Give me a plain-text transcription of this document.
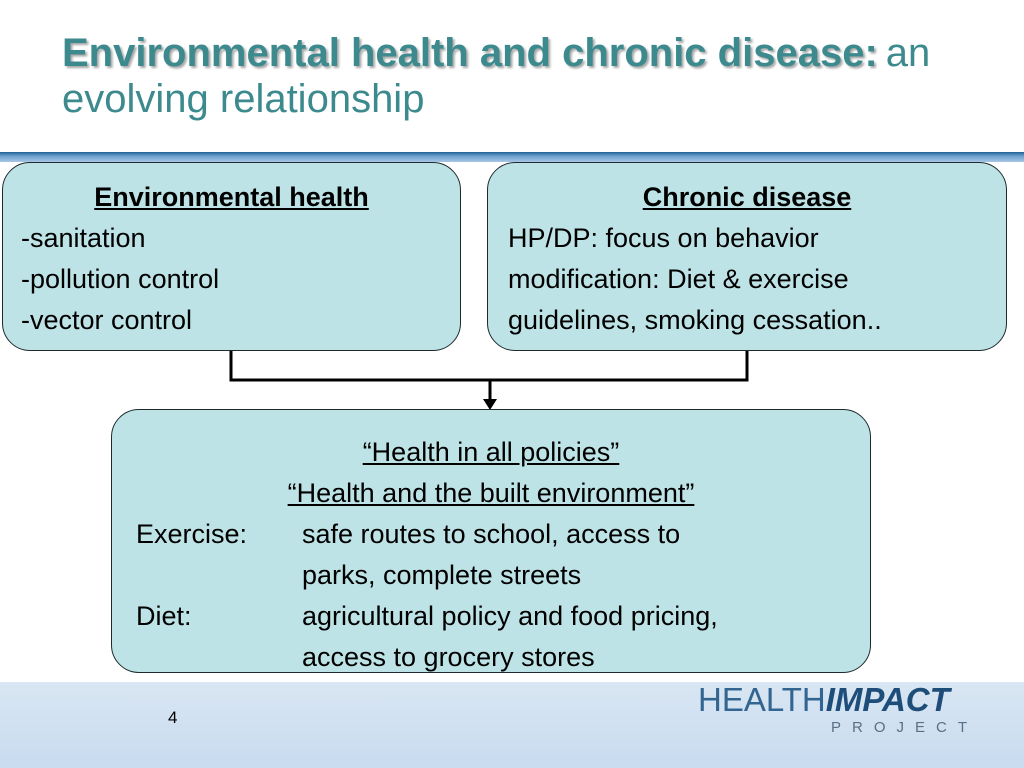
Environmental health and chronic disease: an evolving relationship
Environmental health
-sanitation
-pollution control
-vector control
Chronic disease
HP/DP: focus on behavior
modification: Diet & exercise
guidelines, smoking cessation..
“Health in all policies”
“Health and the built environment”
Exercise:	safe routes to school, access to
parks, complete streets
Diet:	agricultural policy and food pricing,
access to grocery stores
4	HEALTHIMPACT
PROJECT
